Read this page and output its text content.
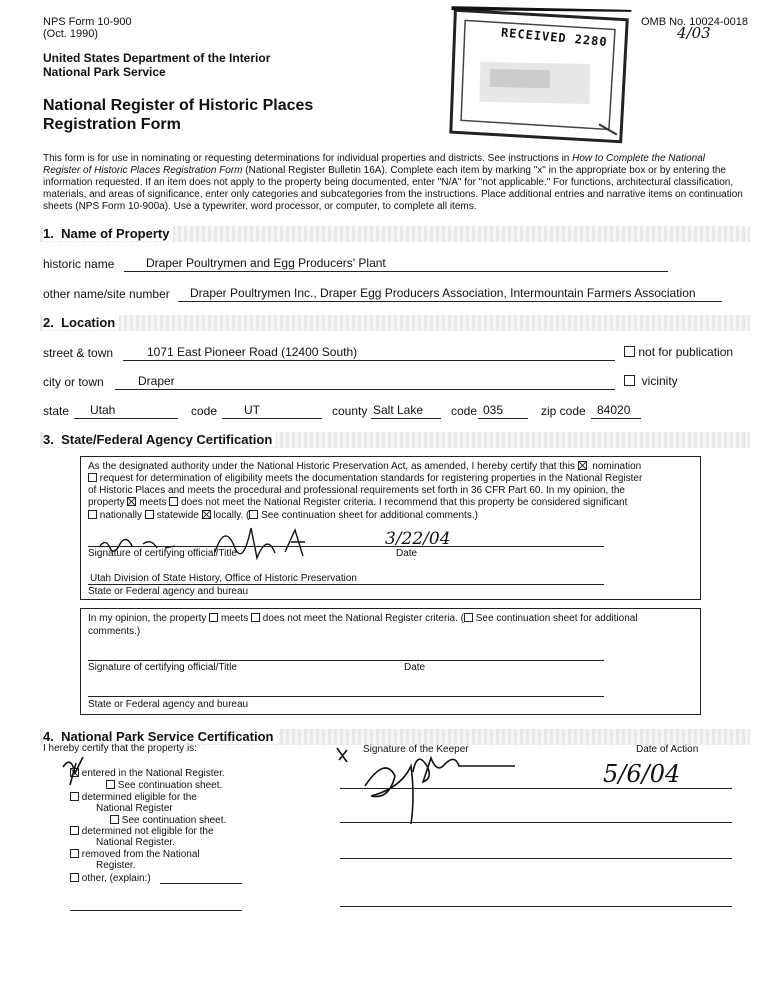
NPS Form 10-900
(Oct. 1990)
OMB No. 10024-0018
4/03
United States Department of the Interior
National Park Service
National Register of Historic Places
Registration Form
RECEIVED 2280
This form is for use in nominating or requesting determinations for individual properties and districts. See instructions in How to Complete the National Register of Historic Places Registration Form (National Register Bulletin 16A). Complete each item by marking "x" in the appropriate box or by entering the information requested. If an item does not apply to the property being documented, enter "N/A" for "not applicable." For functions, architectural classification, materials, and areas of significance, enter only categories and subcategories from the instructions. Place additional entries and narrative items on continuation sheets (NPS Form 10-900a). Use a typewriter, word processor, or computer, to complete all items.
1. Name of Property
historic name	Draper Poultrymen and Egg Producers' Plant
other name/site number Draper Poultrymen Inc., Draper Egg Producers Association, Intermountain Farmers Association
2. Location
street & town	1071 East Pioneer Road (12400 South)	not for publication
city or town	Draper	vicinity
state Utah	code UT	county Salt Lake code 035	zip code 84020
3. State/Federal Agency Certification
As the designated authority under the National Historic Preservation Act, as amended, I hereby certify that this nomination
request for determination of eligibility meets the documentation standards for registering properties in the National Register
of Historic Places and meets the procedural and professional requirements set forth in 36 CFR Part 60. In my opinion, the
property meets does not meet the National Register criteria. I recommend that this property be considered significant
nationally statewide locally. ( See continuation sheet for additional comments.)
3/22/04
Signature of certifying official/Title	Date
Utah Division of State History, Office of Historic Preservation
State or Federal agency and bureau
In my opinion, the property meets does not meet the National Register criteria. ( See continuation sheet for additional
comments.)
Signature of certifying official/Title	Date
State or Federal agency and bureau
4. National Park Service Certification
I hereby certify that the property is:	Signature of the Keeper	Date of Action
5/6/04
entered in the National Register.
See continuation sheet.
determined eligible for the
National Register
See continuation sheet.
determined not eligible for the
National Register.
removed from the National
Register.
other, (explain:)
